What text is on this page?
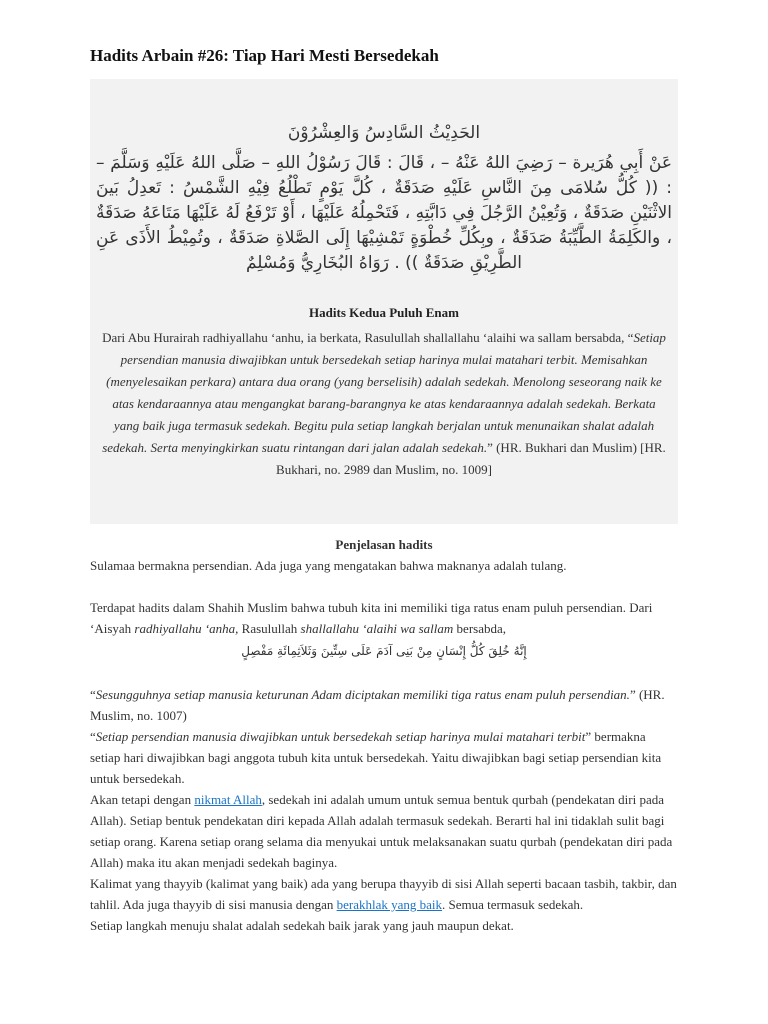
Hadits Arbain #26: Tiap Hari Mesti Bersedekah
الحَدِيْثُ السَّادِسُ وَالعِشْرُوْنَ
عَنْ أَبِي هُرَيرة – رَضِيَ اللهُ عَنْهُ – ، قَالَ : قَالَ رَسُوْلُ اللهِ – صَلَّى اللهُ عَلَيْهِ وَسَلَّمَ – : (( كُلُّ سُلامَى مِنَ النَّاسِ عَلَيْهِ صَدَقَةٌ ، كُلَّ يَوْمٍ تَطْلُعُ فِيْهِ الشَّمْسُ : تَعدِلُ بَينَ الاثْنَيْنِ صَدَقَةٌ ، وَتُعِيْنُ الرَّجُلَ فِي دَابَّتِهِ ، فَتَحْمِلُهُ عَلَيْهَا ، أَوْ تَرْفَعُ لَهُ عَلَيْهَا مَتَاعَهُ صَدَقَةٌ ، والكَلِمَةُ الطَّيِّبَةُ صَدَقَةٌ ، وبِكُلِّ خُطْوَةٍ تَمْشِيْهَا إِلَى الصَّلاةِ صَدَقَةٌ ، وتُمِيْطُ الأَذَى عَنِ الطَّرِيْقِ صَدَقَةٌ )) . رَوَاهُ البُخَارِيُّ وَمُسْلِمٌ
Hadits Kedua Puluh Enam
Dari Abu Hurairah radhiyallahu ‘anhu, ia berkata, Rasulullah shallallahu ‘alaihi wa sallam bersabda, “Setiap persendian manusia diwajibkan untuk bersedekah setiap harinya mulai matahari terbit. Memisahkan (menyelesaikan perkara) antara dua orang (yang berselisih) adalah sedekah. Menolong seseorang naik ke atas kendaraannya atau mengangkat barang-barangnya ke atas kendaraannya adalah sedekah. Berkata yang baik juga termasuk sedekah. Begitu pula setiap langkah berjalan untuk menunaikan shalat adalah sedekah. Serta menyingkirkan suatu rintangan dari jalan adalah sedekah.” (HR. Bukhari dan Muslim) [HR. Bukhari, no. 2989 dan Muslim, no. 1009]

Penjelasan hadits

Sulamaa bermakna persendian. Ada juga yang mengatakan bahwa maknanya adalah tulang.

Terdapat hadits dalam Shahih Muslim bahwa tubuh kita ini memiliki tiga ratus enam puluh persendian. Dari ‘Aisyah radhiyallahu ‘anha, Rasulullah shallallahu ‘alaihi wa sallam bersabda,

إِنَّهُ خُلِقَ كُلُّ إِنْسَانٍ مِنْ بَنِى آدَمَ عَلَى سِتِّينَ وَثَلاَثِمِائَةِ مَفْصِلٍ

“Sesungguhnya setiap manusia keturunan Adam diciptakan memiliki tiga ratus enam puluh persendian.” (HR. Muslim, no. 1007)

“Setiap persendian manusia diwajibkan untuk bersedekah setiap harinya mulai matahari terbit” bermakna setiap hari diwajibkan bagi anggota tubuh kita untuk bersedekah. Yaitu diwajibkan bagi setiap persendian kita untuk bersedekah.

Akan tetapi dengan nikmat Allah, sedekah ini adalah umum untuk semua bentuk qurbah (pendekatan diri pada Allah). Setiap bentuk pendekatan diri kepada Allah adalah termasuk sedekah. Berarti hal ini tidaklah sulit bagi setiap orang. Karena setiap orang selama dia menyukai untuk melaksanakan suatu qurbah (pendekatan diri pada Allah) maka itu akan menjadi sedekah baginya.

Kalimat yang thayyib (kalimat yang baik) ada yang berupa thayyib di sisi Allah seperti bacaan tasbih, takbir, dan tahlil. Ada juga thayyib di sisi manusia dengan berakhlak yang baik. Semua termasuk sedekah.

Setiap langkah menuju shalat adalah sedekah baik jarak yang jauh maupun dekat.
